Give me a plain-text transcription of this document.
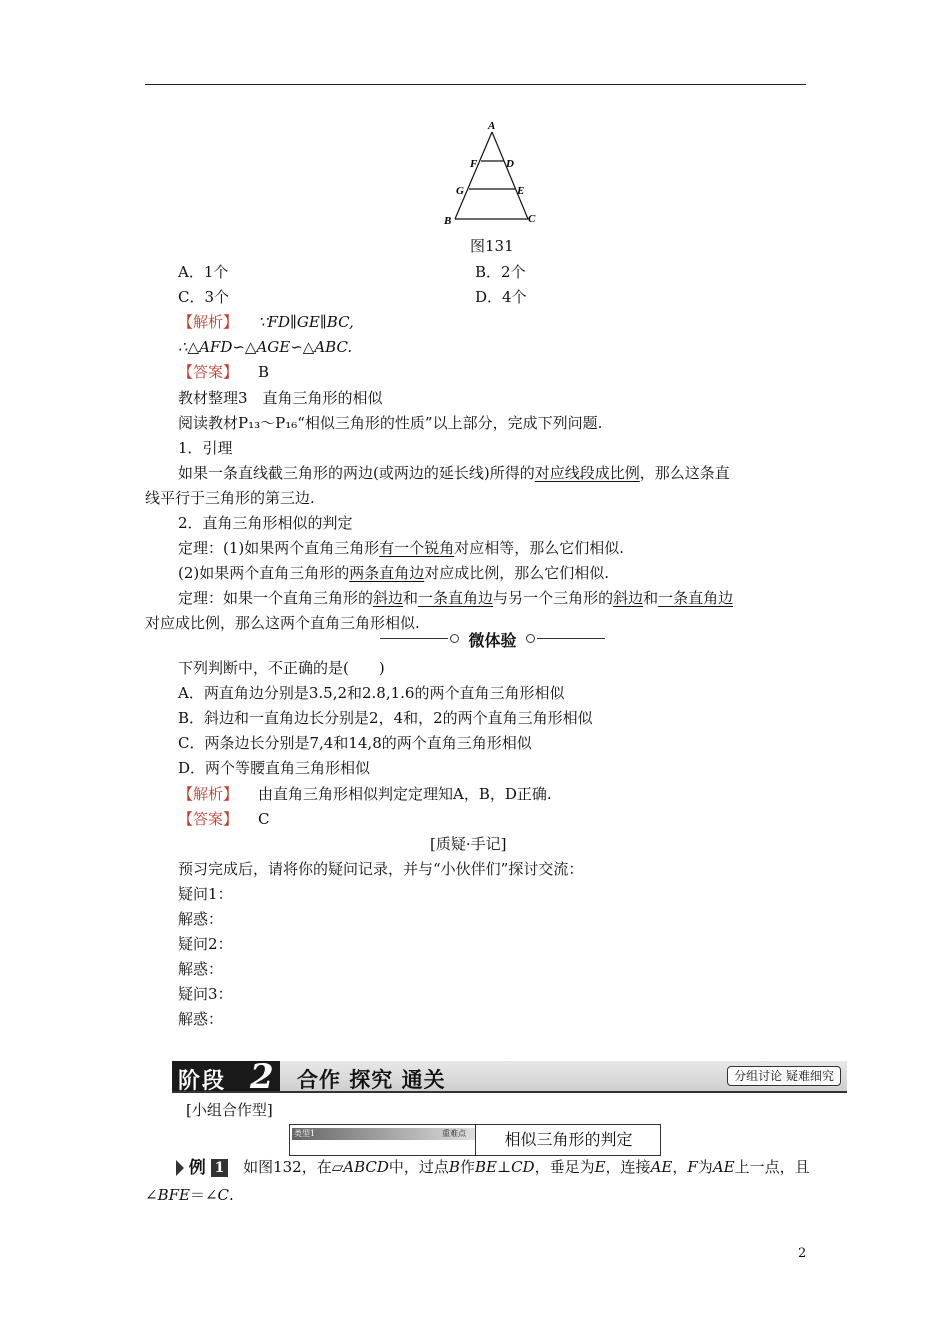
A
F	D
G	E
B	C
图131
A．1个	B．2个
C．3个	D．4个
【解析】 ∵FD∥GE∥BC,
∴△AFD∽△AGE∽△ABC.
【答案】 B
教材整理3　直角三角形的相似
阅读教材P₁₃～P₁₆“相似三角形的性质”以上部分，完成下列问题.
1．引理
如果一条直线截三角形的两边(或两边的延长线)所得的对应线段成比例，那么这条直
线平行于三角形的第三边.
2．直角三角形相似的判定
定理：(1)如果两个直角三角形有一个锐角对应相等，那么它们相似.
(2)如果两个直角三角形的两条直角边对应成比例，那么它们相似.
定理：如果一个直角三角形的斜边和一条直角边与另一个三角形的斜边和一条直角边
对应成比例，那么这两个直角三角形相似.
微体验
下列判断中，不正确的是(　　)
A．两直角边分别是3.5,2和2.8,1.6的两个直角三角形相似
B．斜边和一直角边长分别是2，4和，2的两个直角三角形相似
C．两条边长分别是7,4和14,8的两个直角三角形相似
D．两个等腰直角三角形相似
【解析】 由直角三角形相似判定定理知A，B，D正确.
【答案】 C
[质疑·手记]
预习完成后，请将你的疑问记录，并与“小伙伴们”探讨交流：
疑问1：
解惑：
疑问2：
解惑：
疑问3：
解惑：
阶段 2 合作 探究 通关	分组讨论 疑难细究
[小组合作型]
类型1	重难点	相似三角形的判定
例 1 如图132，在▱ABCD中，过点B作BE⊥CD，垂足为E，连接AE，F为AE上一点，且
∠BFE＝∠C.
2
